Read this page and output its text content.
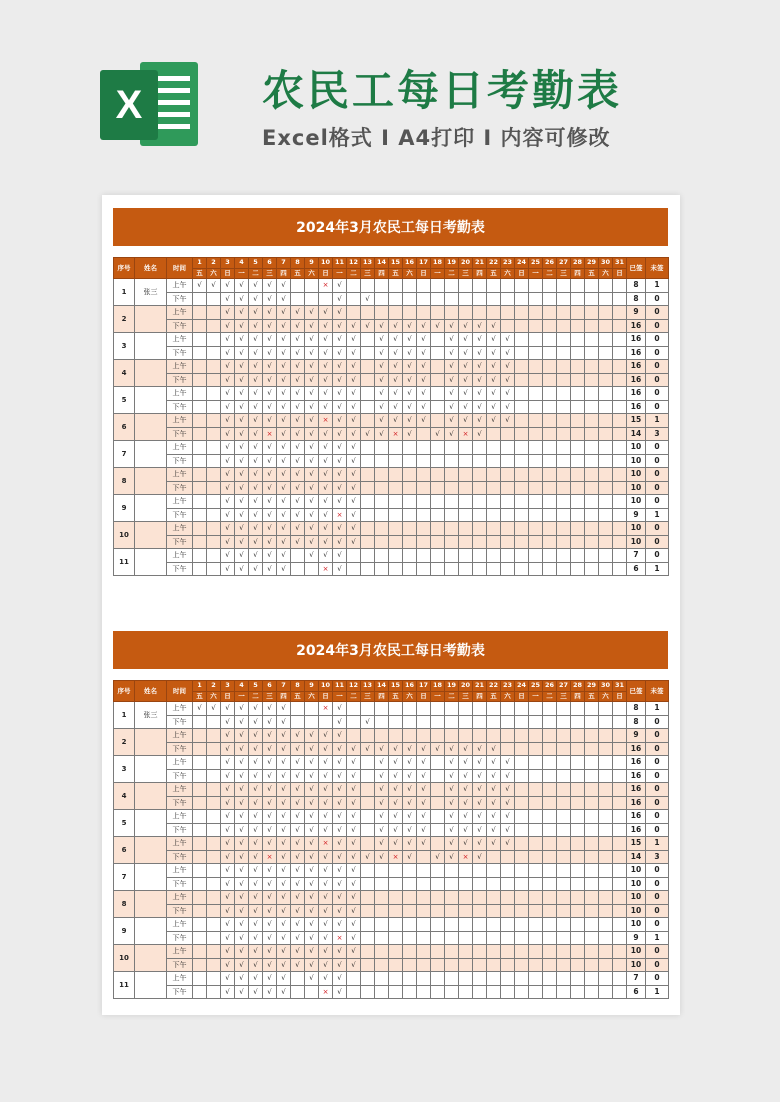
X	农民工每日考勤表
Excel格式 I A4打印 I 内容可修改
2024年3月农民工每日考勤表
序号	姓名	时间	1	2	3	4	5	6	7	8	9	10	11	12	13	14	15	16	17	18	19	20	21	22	23	24	25	26	27	28	29	30	31	已签	未签
			五	六	日	一	二	三	四	五	六	日	一	二	三	四	五	六	日	一	二	三	四	五	六	日	一	二	三	四	五	六	日		
1	张三	上午	√	√	√	√	√	√	√			×	√																					8	1
		下午			√	√	√	√	√				√		√																			8	0
2		上午			√	√	√	√	√	√	√	√	√																					9	0
		下午			√	√	√	√	√	√	√	√	√	√	√	√	√	√	√	√	√	√	√	√										16	0
3		上午			√	√	√	√	√	√	√	√	√	√		√	√	√	√		√	√	√	√	√									16	0
		下午			√	√	√	√	√	√	√	√	√	√		√	√	√	√		√	√	√	√	√									16	0
4		上午			√	√	√	√	√	√	√	√	√	√		√	√	√	√		√	√	√	√	√									16	0
		下午			√	√	√	√	√	√	√	√	√	√		√	√	√	√		√	√	√	√	√									16	0
5		上午			√	√	√	√	√	√	√	√	√	√		√	√	√	√		√	√	√	√	√									16	0
		下午			√	√	√	√	√	√	√	√	√	√		√	√	√	√		√	√	√	√	√									16	0
6		上午			√	√	√	√	√	√	√	×	√	√		√	√	√	√		√	√	√	√	√									15	1
		下午			√	√	√	×	√	√	√	√	√	√	√	√	×	√		√	√	×	√											14	3
7		上午			√	√	√	√	√	√	√	√	√	√																				10	0
		下午			√	√	√	√	√	√	√	√	√	√																				10	0
8		上午			√	√	√	√	√	√	√	√	√	√																				10	0
		下午			√	√	√	√	√	√	√	√	√	√																				10	0
9		上午			√	√	√	√	√	√	√	√	√	√																				10	0
		下午			√	√	√	√	√	√	√	√	×	√																				9	1
10		上午			√	√	√	√	√	√	√	√	√	√																				10	0
		下午			√	√	√	√	√	√	√	√	√	√																				10	0
11		上午			√	√	√	√	√		√	√	√																					7	0
		下午			√	√	√	√	√			×	√																					6	1
2024年3月农民工每日考勤表
序号	姓名	时间	1	2	3	4	5	6	7	8	9	10	11	12	13	14	15	16	17	18	19	20	21	22	23	24	25	26	27	28	29	30	31	已签	未签
			五	六	日	一	二	三	四	五	六	日	一	二	三	四	五	六	日	一	二	三	四	五	六	日	一	二	三	四	五	六	日		
1	张三	上午	√	√	√	√	√	√	√			×	√																					8	1
		下午			√	√	√	√	√				√		√																			8	0
2		上午			√	√	√	√	√	√	√	√	√																					9	0
		下午			√	√	√	√	√	√	√	√	√	√	√	√	√	√	√	√	√	√	√	√										16	0
3		上午			√	√	√	√	√	√	√	√	√	√		√	√	√	√		√	√	√	√	√									16	0
		下午			√	√	√	√	√	√	√	√	√	√		√	√	√	√		√	√	√	√	√									16	0
4		上午			√	√	√	√	√	√	√	√	√	√		√	√	√	√		√	√	√	√	√									16	0
		下午			√	√	√	√	√	√	√	√	√	√		√	√	√	√		√	√	√	√	√									16	0
5		上午			√	√	√	√	√	√	√	√	√	√		√	√	√	√		√	√	√	√	√									16	0
		下午			√	√	√	√	√	√	√	√	√	√		√	√	√	√		√	√	√	√	√									16	0
6		上午			√	√	√	√	√	√	√	×	√	√		√	√	√	√		√	√	√	√	√									15	1
		下午			√	√	√	×	√	√	√	√	√	√	√	√	×	√		√	√	×	√											14	3
7		上午			√	√	√	√	√	√	√	√	√	√																				10	0
		下午			√	√	√	√	√	√	√	√	√	√																				10	0
8		上午			√	√	√	√	√	√	√	√	√	√																				10	0
		下午			√	√	√	√	√	√	√	√	√	√																				10	0
9		上午			√	√	√	√	√	√	√	√	√	√																				10	0
		下午			√	√	√	√	√	√	√	√	×	√																				9	1
10		上午			√	√	√	√	√	√	√	√	√	√																				10	0
		下午			√	√	√	√	√	√	√	√	√	√																				10	0
11		上午			√	√	√	√	√		√	√	√																					7	0
		下午			√	√	√	√	√			×	√																					6	1
